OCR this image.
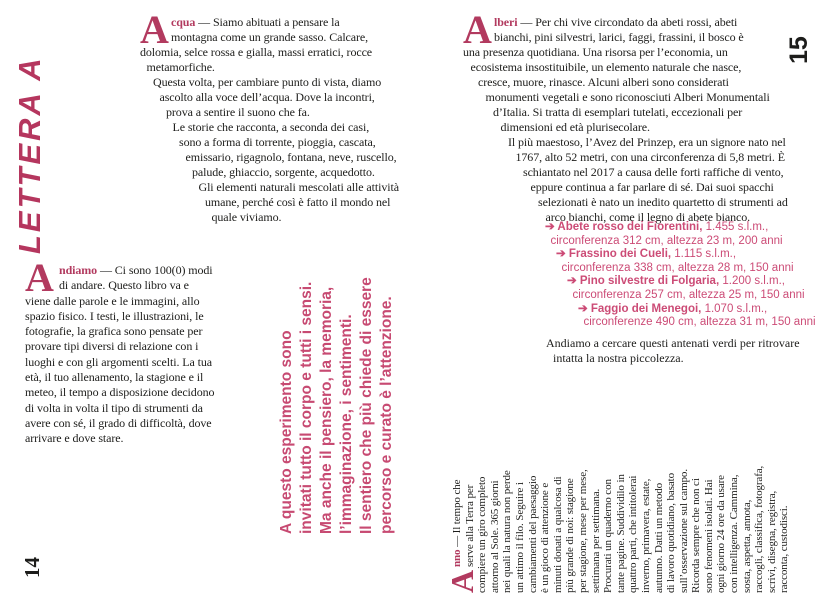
LETTERA A
A cqua — Siamo abituati a pensare la
montagna come un grande sasso. Calcare,
dolomia, selce rossa e gialla, massi erratici, rocce
metamorfiche.
Questa volta, per cambiare punto di vista, diamo
ascolto alla voce dell’acqua. Dove la incontri,
prova a sentire il suono che fa.
Le storie che racconta, a seconda dei casi,
sono a forma di torrente, pioggia, cascata,
emissario, rigagnolo, fontana, neve, ruscello,
palude, ghiaccio, sorgente, acquedotto.
Gli elementi naturali mescolati alle attività
umane, perché così è fatto il mondo nel
quale viviamo.
A ndiamo — Ci sono 100(0) modi
di andare. Questo libro va e
viene dalle parole e le immagini, allo
spazio fisico. I testi, le illustrazioni, le
fotografie, la grafica sono pensate per
provare tipi diversi di relazione con i
luoghi e con gli argomenti scelti. La tua
età, il tuo allenamento, la stagione e il
meteo, il tempo a disposizione decidono
di volta in volta il tipo di strumenti da
avere con sé, il grado di difficoltà, dove
arrivare e dove stare.	A questo esperimento sono invitati tutto il corpo e tutti i sensi. Ma anche il pensiero, la memoria, l’immaginazione, i sentimenti. Il sentiero che più chiede di essere percorso e curato è l’attenzione.
14
A lberi — Per chi vive circondato da abeti rossi, abeti
bianchi, pini silvestri, larici, faggi, frassini, il bosco è
una presenza quotidiana. Una risorsa per l’economia, un
ecosistema insostituibile, un elemento naturale che nasce,
cresce, muore, rinasce. Alcuni alberi sono considerati
monumenti vegetali e sono riconosciuti Alberi Monumentali
d’Italia. Si tratta di esemplari tutelati, eccezionali per
dimensioni ed età plurisecolare.
Il più maestoso, l’Avez del Prinzep, era un signore nato nel
1767, alto 52 metri, con una circonferenza di 5,8 metri. È
schiantato nel 2017 a causa delle forti raffiche di vento,
eppure continua a far parlare di sé. Dai suoi spacchi
selezionati è nato un inedito quartetto di strumenti ad
arco bianchi, come il legno di abete bianco.
➔ Abete rosso dei Fiorentini, 1.455 s.l.m.,
circonferenza 312 cm, altezza 23 m, 200 anni
➔ Frassino dei Cueli, 1.115 s.l.m.,
circonferenza 338 cm, altezza 28 m, 150 anni
➔ Pino silvestre di Folgaria, 1.200 s.l.m.,
circonferenza 257 cm, altezza 25 m, 150 anni
➔ Faggio dei Menegoi, 1.070 s.l.m.,
circonferenze 490 cm, altezza 31 m, 150 anni
Andiamo a cercare questi antenati verdi per ritrovare
intatta la nostra piccolezza.
A
nno — Il tempo che serve alla Terra per compiere un giro completo attorno al Sole. 365 giorni nei quali la natura non perde un attimo il filo. Seguire i cambiamenti del paesaggio è un gioco di attenzione e minuti donati a qualcosa di più grande di noi: stagione per stagione, mese per mese, settimana per settimana. Procurati un quaderno con tante pagine. Suddividilo in quattro parti, che intitolerai inverno, primavera, estate, autunno. Datti un metodo di lavoro quotidiano, basato sull’osservazione sul campo. Ricorda sempre che non ci sono fenomeni isolati. Hai ogni giorno 24 ore da usare con intelligenza. Cammina, sosta, aspetta, annota, raccogli, classifica, fotografa, scrivi, disegna, registra, racconta, custodisci.
15
